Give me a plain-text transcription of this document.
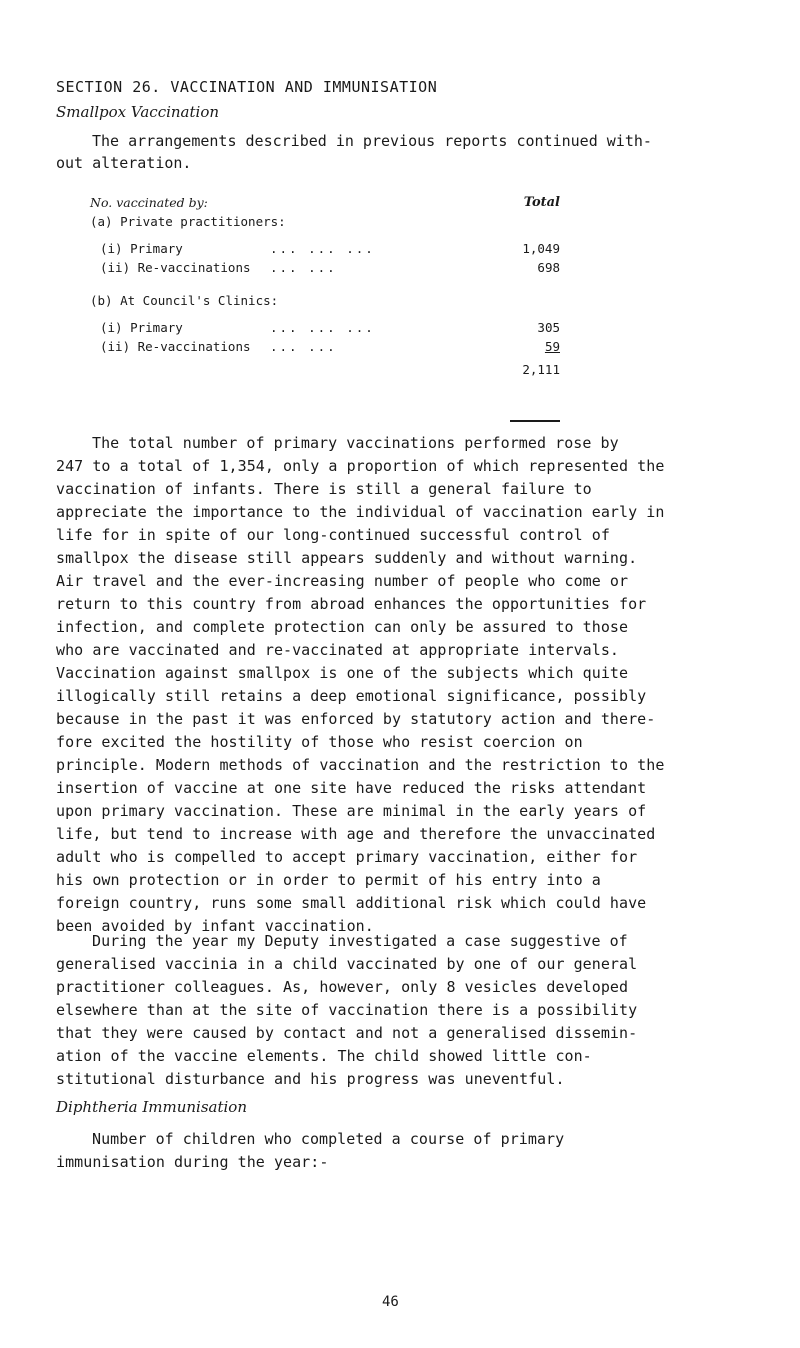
SECTION 26. VACCINATION AND IMMUNISATION
Smallpox Vaccination
The arrangements described in previous reports continued with-
out alteration.
No. vaccinated by:	Total
(a) Private practitioners:
(i) Primary	... ... ...	1,049
(ii) Re-vaccinations ... ...	698
(b) At Council's Clinics:
(i) Primary	... ... ...	305
(ii) Re-vaccinations ... ...	59
2,111
The total number of primary vaccinations performed rose by
247 to a total of 1,354, only a proportion of which represented the
vaccination of infants. There is still a general failure to
appreciate the importance to the individual of vaccination early in
life for in spite of our long-continued successful control of
smallpox the disease still appears suddenly and without warning.
Air travel and the ever-increasing number of people who come or
return to this country from abroad enhances the opportunities for
infection, and complete protection can only be assured to those
who are vaccinated and re-vaccinated at appropriate intervals.
Vaccination against smallpox is one of the subjects which quite
illogically still retains a deep emotional significance, possibly
because in the past it was enforced by statutory action and there-
fore excited the hostility of those who resist coercion on
principle. Modern methods of vaccination and the restriction to the
insertion of vaccine at one site have reduced the risks attendant
upon primary vaccination. These are minimal in the early years of
life, but tend to increase with age and therefore the unvaccinated
adult who is compelled to accept primary vaccination, either for
his own protection or in order to permit of his entry into a
foreign country, runs some small additional risk which could have
been avoided by infant vaccination.
During the year my Deputy investigated a case suggestive of
generalised vaccinia in a child vaccinated by one of our general
practitioner colleagues. As, however, only 8 vesicles developed
elsewhere than at the site of vaccination there is a possibility
that they were caused by contact and not a generalised dissemin-
ation of the vaccine elements. The child showed little con-
stitutional disturbance and his progress was uneventful.
Diphtheria Immunisation
Number of children who completed a course of primary
immunisation during the year:-
46
